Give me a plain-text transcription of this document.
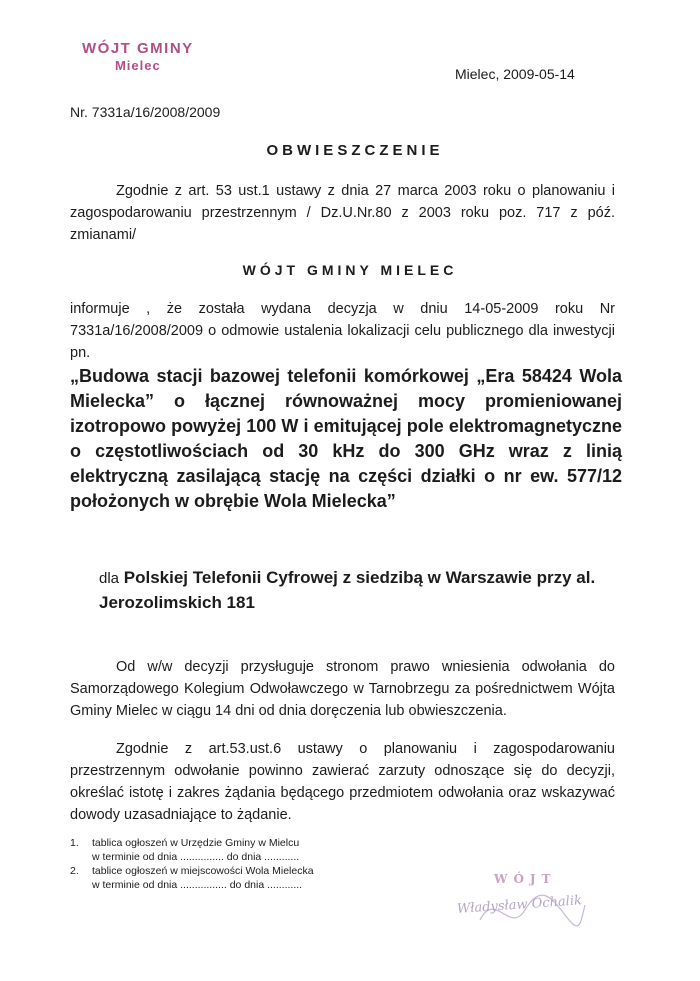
WÓJT GMINY
Mielec
Mielec, 2009-05-14
Nr. 7331a/16/2008/2009
OBWIESZCZENIE
Zgodnie z art. 53 ust.1 ustawy z dnia 27 marca 2003 roku o planowaniu i zagospodarowaniu przestrzennym / Dz.U.Nr.80 z 2003 roku poz. 717 z póź. zmianami/
WÓJT GMINY MIELEC
informuje , że została wydana decyzja w dniu 14-05-2009 roku Nr 7331a/16/2008/2009 o odmowie ustalenia lokalizacji celu publicznego dla inwestycji pn.
„Budowa stacji bazowej telefonii komórkowej „Era 58424 Wola Mielecka” o łącznej równoważnej mocy promieniowanej izotropowo powyżej 100 W i emitującej pole elektromagnetyczne o częstotliwościach od 30 kHz do 300 GHz wraz z linią elektryczną zasilającą stację na części działki o nr ew. 577/12 położonych w obrębie Wola Mielecka”
dla Polskiej Telefonii Cyfrowej z siedzibą w Warszawie przy al. Jerozolimskich 181
Od w/w decyzji przysługuje stronom prawo wniesienia odwołania do Samorządowego Kolegium Odwoławczego w Tarnobrzegu za pośrednictwem Wójta Gminy Mielec w ciągu 14 dni od dnia doręczenia lub obwieszczenia.
Zgodnie z art.53.ust.6 ustawy o planowaniu i zagospodarowaniu przestrzennym odwołanie powinno zawierać zarzuty odnoszące się do decyzji, określać istotę i zakres żądania będącego przedmiotem odwołania oraz wskazywać dowody uzasadniające to żądanie.
1.	tablica ogłoszeń w Urzędzie Gminy w Mielcu
w terminie od dnia ............... do dnia ............
2.	tablice ogłoszeń w miejscowości Wola Mielecka
w terminie od dnia ................ do dnia ............	WÓJT
Władysław Ochalik
